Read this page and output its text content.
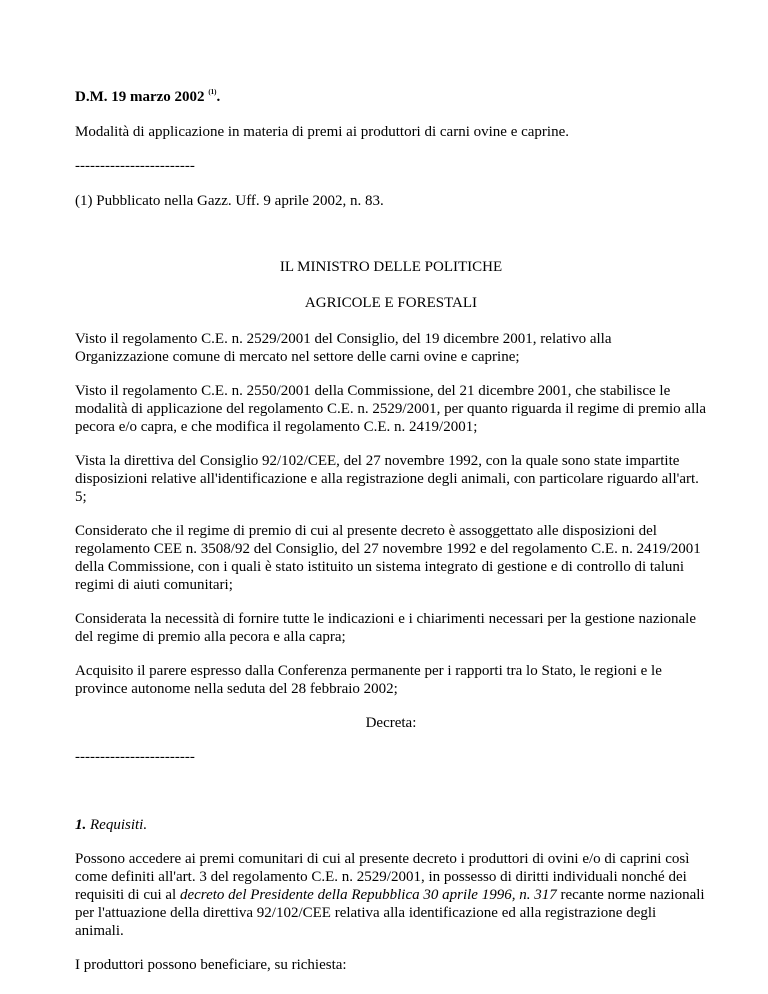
D.M. 19 marzo 2002 $^{(1)}$.

Modalità di applicazione in materia di premi ai produttori di carni ovine e caprine.

------------------------

(1) Pubblicato nella Gazz. Uff. 9 aprile 2002, n. 83.

IL MINISTRO DELLE POLITICHE

AGRICOLE E FORESTALI

Visto il regolamento C.E. n. 2529/2001 del Consiglio, del 19 dicembre 2001, relativo alla Organizzazione comune di mercato nel settore delle carni ovine e caprine;

Visto il regolamento C.E. n. 2550/2001 della Commissione, del 21 dicembre 2001, che stabilisce le modalità di applicazione del regolamento C.E. n. 2529/2001, per quanto riguarda il regime di premio alla pecora e/o capra, e che modifica il regolamento C.E. n. 2419/2001;

Vista la direttiva del Consiglio 92/102/CEE, del 27 novembre 1992, con la quale sono state impartite disposizioni relative all'identificazione e alla registrazione degli animali, con particolare riguardo all'art. 5;

Considerato che il regime di premio di cui al presente decreto è assoggettato alle disposizioni del regolamento CEE n. 3508/92 del Consiglio, del 27 novembre 1992 e del regolamento C.E. n. 2419/2001 della Commissione, con i quali è stato istituito un sistema integrato di gestione e di controllo di taluni regimi di aiuti comunitari;

Considerata la necessità di fornire tutte le indicazioni e i chiarimenti necessari per la gestione nazionale del regime di premio alla pecora e alla capra;

Acquisito il parere espresso dalla Conferenza permanente per i rapporti tra lo Stato, le regioni e le province autonome nella seduta del 28 febbraio 2002;

Decreta:

------------------------

1. Requisiti.

Possono accedere ai premi comunitari di cui al presente decreto i produttori di ovini e/o di caprini così come definiti all'art. 3 del regolamento C.E. n. 2529/2001, in possesso di diritti individuali nonché dei requisiti di cui al decreto del Presidente della Repubblica 30 aprile 1996, n. 317 recante norme nazionali per l'attuazione della direttiva 92/102/CEE relativa alla identificazione ed alla registrazione degli animali.

I produttori possono beneficiare, su richiesta:
